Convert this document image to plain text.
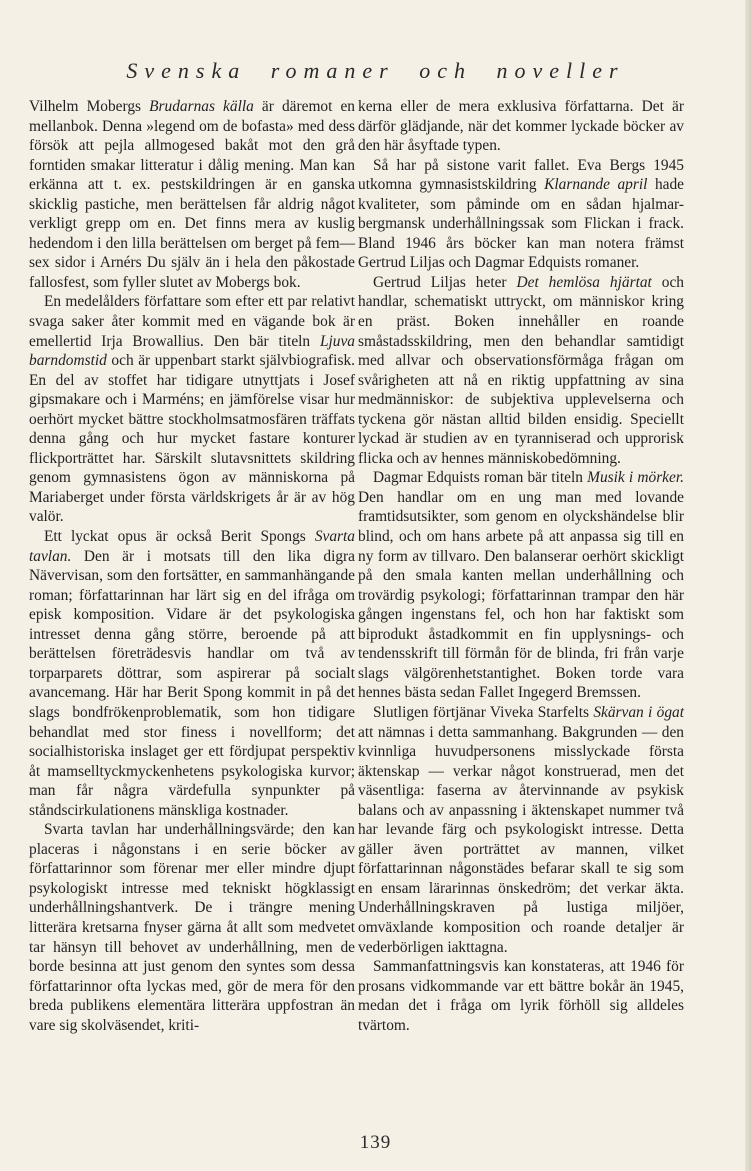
Svenska romaner och noveller

Vilhelm Mobergs Brudarnas källa är däremot en mellanbok. Denna »legend om de bofasta» med dess försök att pejla allmogesed bakåt mot den grå forntiden smakar litteratur i dålig mening. Man kan erkänna att t. ex. pestskildringen är en ganska skicklig pastiche, men berättelsen får aldrig något verkligt grepp om en. Det finns mera av kuslig hedendom i den lilla berättelsen om berget på fem—sex sidor i Arnérs Du själv än i hela den påkostade fallosfest, som fyller slutet av Mobergs bok.

En medelålders författare som efter ett par relativt svaga saker åter kommit med en vägande bok är emellertid Irja Browallius. Den bär titeln Ljuva barndomstid och är uppenbart starkt självbiografisk. En del av stoffet har tidigare utnyttjats i Josef gipsmakare och i Marméns; en jämförelse visar hur oerhört mycket bättre stockholmsatmosfären träffats denna gång och hur mycket fastare konturer flickporträttet har. Särskilt slutavsnittets skildring genom gymnasistens ögon av människorna på Mariaberget under första världskrigets år är av hög valör.

Ett lyckat opus är också Berit Spongs Svarta tavlan. Den är i motsats till den lika digra Nävervisan, som den fortsätter, en sammanhängande roman; författarinnan har lärt sig en del ifråga om episk komposition. Vidare är det psykologiska intresset denna gång större, beroende på att berättelsen företrädesvis handlar om två av torparparets döttrar, som aspirerar på socialt avancemang. Här har Berit Spong kommit in på det slags bondfrökenproblematik, som hon tidigare behandlat med stor finess i novellform; det socialhistoriska inslaget ger ett fördjupat perspektiv åt mamselltyckmyckenhetens psykologiska kurvor; man får några värdefulla synpunkter på ståndscirkulationens mänskliga kostnader.

Svarta tavlan har underhållningsvärde; den kan placeras i någonstans i en serie böcker av författarinnor som förenar mer eller mindre djupt psykologiskt intresse med tekniskt högklassigt underhållningshantverk. De i trängre mening litterära kretsarna fnyser gärna åt allt som medvetet tar hänsyn till behovet av underhållning, men de borde besinna att just genom den syntes som dessa författarinnor ofta lyckas med, gör de mera för den breda publikens elementära litterära uppfostran än vare sig skolväsendet, kriti-

kerna eller de mera exklusiva författarna. Det är därför glädjande, när det kommer lyckade böcker av den här åsyftade typen.

Så har på sistone varit fallet. Eva Bergs 1945 utkomna gymnasistskildring Klarnande april hade kvaliteter, som påminde om en sådan hjalmar-bergmansk underhållningssak som Flickan i frack. Bland 1946 års böcker kan man notera främst Gertrud Liljas och Dagmar Edquists romaner.

Gertrud Liljas heter Det hemlösa hjärtat och handlar, schematiskt uttryckt, om människor kring en präst. Boken innehåller en roande småstadsskildring, men den behandlar samtidigt med allvar och observationsförmåga frågan om svårigheten att nå en riktig uppfattning av sina medmänniskor: de subjektiva upplevelserna och tyckena gör nästan alltid bilden ensidig. Speciellt lyckad är studien av en tyranniserad och upprorisk flicka och av hennes människobedömning.

Dagmar Edquists roman bär titeln Musik i mörker. Den handlar om en ung man med lovande framtidsutsikter, som genom en olyckshändelse blir blind, och om hans arbete på att anpassa sig till en ny form av tillvaro. Den balanserar oerhört skickligt på den smala kanten mellan underhållning och trovärdig psykologi; författarinnan trampar den här gången ingenstans fel, och hon har faktiskt som biprodukt åstadkommit en fin upplysnings- och tendensskrift till förmån för de blinda, fri från varje slags välgörenhetstantighet. Boken torde vara hennes bästa sedan Fallet Ingegerd Bremssen.

Slutligen förtjänar Viveka Starfelts Skärvan i ögat att nämnas i detta sammanhang. Bakgrunden — den kvinnliga huvudpersonens misslyckade första äktenskap — verkar något konstruerad, men det väsentliga: faserna av återvinnande av psykisk balans och av anpassning i äktenskapet nummer två har levande färg och psykologiskt intresse. Detta gäller även porträttet av mannen, vilket författarinnan någonstädes befarar skall te sig som en ensam lärarinnas önskedröm; det verkar äkta. Underhållningskraven på lustiga miljöer, omväxlande komposition och roande detaljer är vederbörligen iakttagna.

Sammanfattningsvis kan konstateras, att 1946 för prosans vidkommande var ett bättre bokår än 1945, medan det i fråga om lyrik förhöll sig alldeles tvärtom.

139
